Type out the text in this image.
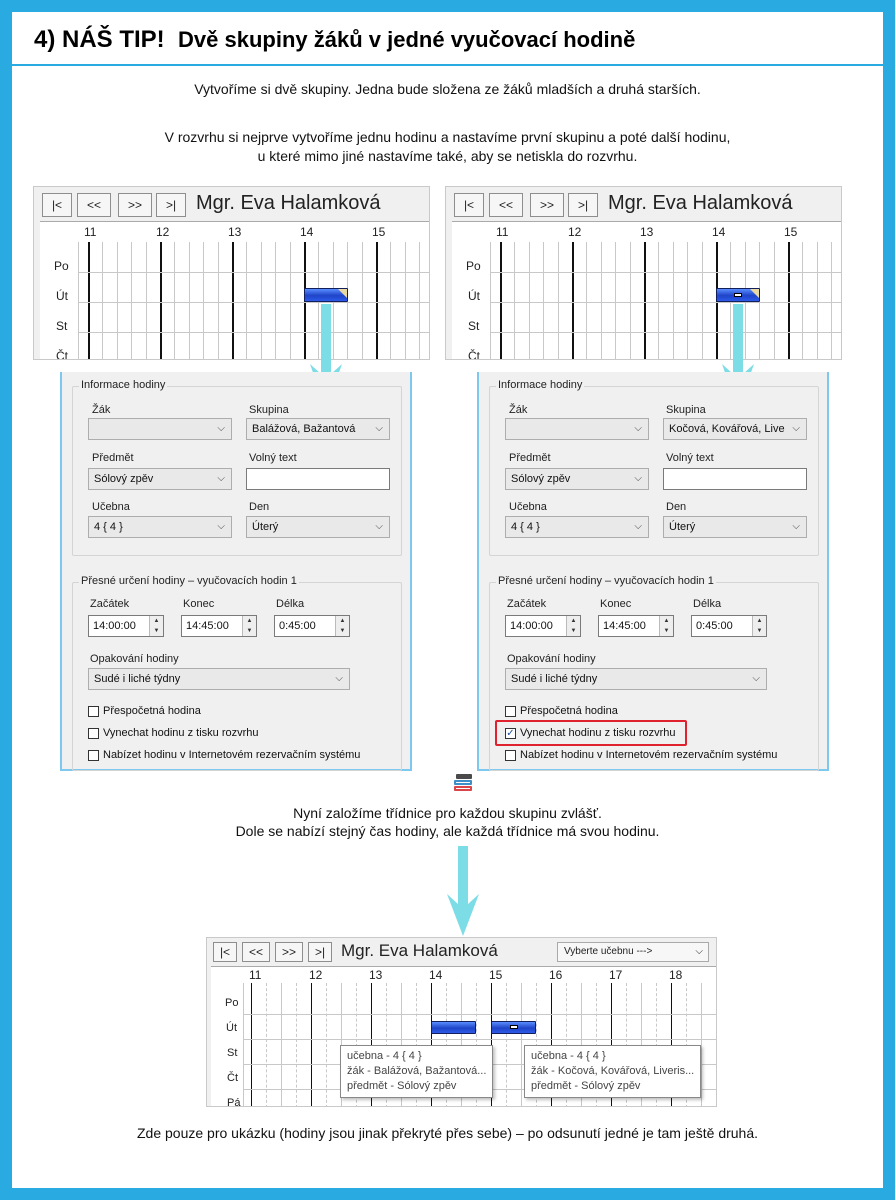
4) NÁŠ TIP! Dvě skupiny žáků v jedné vyučovací hodině
Vytvoříme si dvě skupiny. Jedna bude složena ze žáků mladších a druhá starších.
V rozvrhu si nejprve vytvoříme jednu hodinu a nastavíme první skupinu a poté další hodinu,
u které mimo jiné nastavíme také, aby se netiskla do rozvrhu.
|<	<<	>>	>| Mgr. Eva Halamková
11	12	13	14	15
Po
Út
St
Čt
|<	<<	>>	>| Mgr. Eva Halamková
11	12	13	14	15
Po
Út
St
Čt
Informace hodiny
Žák
⌵
Skupina
Balážová, Bažantová ⌵
Předmět
Sólový zpěv	⌵
Volný text
Učebna
4 { 4 }	⌵
Den
Úterý	⌵
Přesné určení hodiny – vyučovacích hodin 1
Začátek
14:00:00	▲
▼
Konec
14:45:00	▲
▼
Délka
0:45:00	▲
▼
Opakování hodiny
Sudé i liché týdny	⌵
Přespočetná hodina
Vynechat hodinu z tisku rozvrhu
Nabízet hodinu v Internetovém rezervačním systému
Informace hodiny
Žák
⌵
Skupina
Kočová, Kovářová, Live ⌵
Předmět
Sólový zpěv	⌵
Volný text
Učebna
4 { 4 }	⌵
Den
Úterý	⌵
Přesné určení hodiny – vyučovacích hodin 1
Začátek
14:00:00	▲
▼
Konec
14:45:00	▲
▼
Délka
0:45:00	▲
▼
Opakování hodiny
Sudé i liché týdny	⌵
Přespočetná hodina
✓ Vynechat hodinu z tisku rozvrhu
Nabízet hodinu v Internetovém rezervačním systému
Nyní založíme třídnice pro každou skupinu zvlášť.
Dole se nabízí stejný čas hodiny, ale každá třídnice má svou hodinu.
|<	<<	>>	>| Mgr. Eva Halamková	Vyberte učebnu --->	⌵
11	12	13	14	15	16	17	18
Po
Út
St
Čt
Pá
učebna - 4 { 4 }
žák - Balážová, Bažantová...
předmět - Sólový zpěv
učebna - 4 { 4 }
žák - Kočová, Kovářová, Liveris...
předmět - Sólový zpěv
Zde pouze pro ukázku (hodiny jsou jinak překryté přes sebe) – po odsunutí jedné je tam ještě druhá.
